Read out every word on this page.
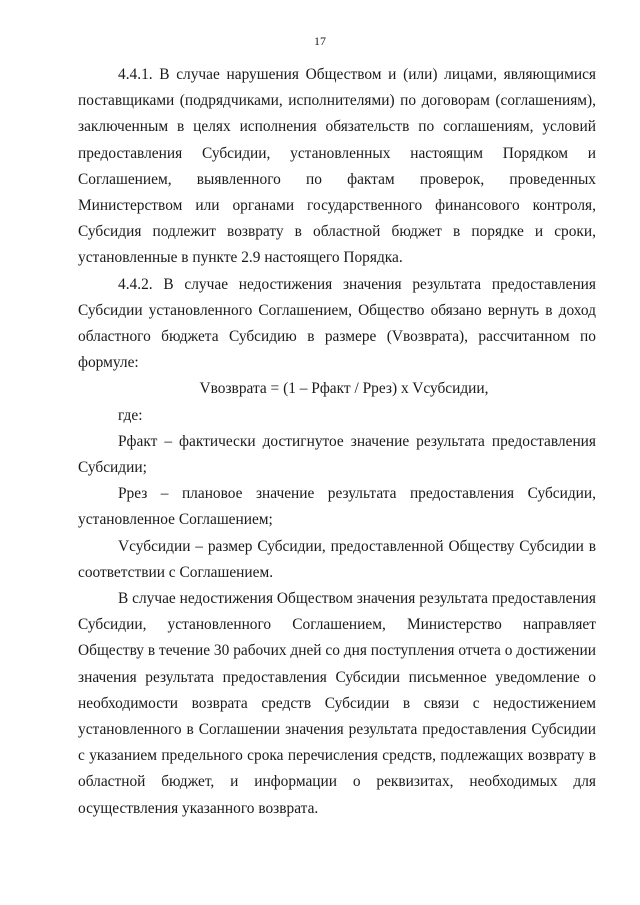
17

4.4.1. В случае нарушения Обществом и (или) лицами, являющимися поставщиками (подрядчиками, исполнителями) по договорам (соглашениям), заключенным в целях исполнения обязательств по соглашениям, условий предоставления Субсидии, установленных настоящим Порядком и Соглашением, выявленного по фактам проверок, проведенных Министерством или органами государственного финансового контроля, Субсидия подлежит возврату в областной бюджет в порядке и сроки, установленные в пункте 2.9 настоящего Порядка.

4.4.2. В случае недостижения значения результата предоставления Субсидии установленного Соглашением, Общество обязано вернуть в доход областного бюджета Субсидию в размере (Vвозврата), рассчитанном по формуле:

Vвозврата = (1 – Рфакт / Ррез) x Vсубсидии,

где:

Рфакт – фактически достигнутое значение результата предоставления Субсидии;

Ррез – плановое значение результата предоставления Субсидии, установленное Соглашением;

Vсубсидии – размер Субсидии, предоставленной Обществу Субсидии в соответствии с Соглашением.

В случае недостижения Обществом значения результата предоставления Субсидии, установленного Соглашением, Министерство направляет Обществу в течение 30 рабочих дней со дня поступления отчета о достижении значения результата предоставления Субсидии письменное уведомление о необходимости возврата средств Субсидии в связи с недостижением установленного в Соглашении значения результата предоставления Субсидии с указанием предельного срока перечисления средств, подлежащих возврату в областной бюджет, и информации о реквизитах, необходимых для осуществления указанного возврата.
